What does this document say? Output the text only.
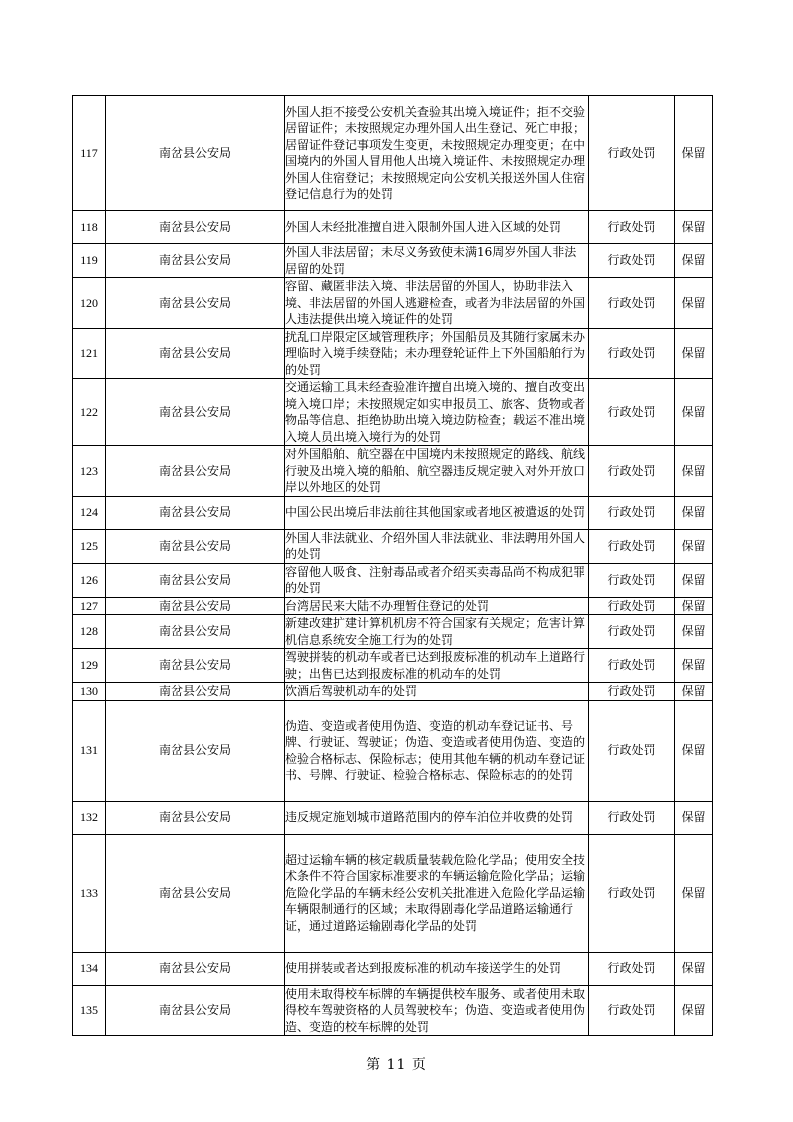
117	南岔县公安局	外国人拒不接受公安机关查验其出境入境证件；拒不交验居留证件；未按照规定办理外国人出生登记、死亡申报；居留证件登记事项发生变更，未按照规定办理变更；在中国境内的外国人冒用他人出境入境证件、未按照规定办理外国人住宿登记；未按照规定向公安机关报送外国人住宿登记信息行为的处罚	行政处罚	保留
118	南岔县公安局	外国人未经批准擅自进入限制外国人进入区域的处罚	行政处罚	保留
119	南岔县公安局	外国人非法居留；未尽义务致使未满16周岁外国人非法居留的处罚	行政处罚	保留
120	南岔县公安局	容留、藏匿非法入境、非法居留的外国人，协助非法入境、非法居留的外国人逃避检查，或者为非法居留的外国人违法提供出境入境证件的处罚	行政处罚	保留
121	南岔县公安局	扰乱口岸限定区域管理秩序；外国船员及其随行家属未办理临时入境手续登陆；未办理登轮证件上下外国船舶行为的处罚	行政处罚	保留
122	南岔县公安局	交通运输工具未经查验准许擅自出境入境的、擅自改变出境入境口岸；未按照规定如实申报员工、旅客、货物或者物品等信息、拒绝协助出境入境边防检查；载运不准出境入境人员出境入境行为的处罚	行政处罚	保留
123	南岔县公安局	对外国船舶、航空器在中国境内未按照规定的路线、航线行驶及出境入境的船舶、航空器违反规定驶入对外开放口岸以外地区的处罚	行政处罚	保留
124	南岔县公安局	中国公民出境后非法前往其他国家或者地区被遣返的处罚	行政处罚	保留
125	南岔县公安局	外国人非法就业、介绍外国人非法就业、非法聘用外国人的处罚	行政处罚	保留
126	南岔县公安局	容留他人吸食、注射毒品或者介绍买卖毒品尚不构成犯罪的处罚	行政处罚	保留
127	南岔县公安局	台湾居民来大陆不办理暂住登记的处罚	行政处罚	保留
128	南岔县公安局	新建改建扩建计算机机房不符合国家有关规定；危害计算机信息系统安全施工行为的处罚	行政处罚	保留
129	南岔县公安局	驾驶拼装的机动车或者已达到报废标准的机动车上道路行驶；出售已达到报废标准的机动车的处罚	行政处罚	保留
130	南岔县公安局	饮酒后驾驶机动车的处罚	行政处罚	保留
131	南岔县公安局	伪造、变造或者使用伪造、变造的机动车登记证书、号牌、行驶证、驾驶证；伪造、变造或者使用伪造、变造的检验合格标志、保险标志；使用其他车辆的机动车登记证书、号牌、行驶证、检验合格标志、保险标志的的处罚	行政处罚	保留
132	南岔县公安局	违反规定施划城市道路范围内的停车泊位并收费的处罚	行政处罚	保留
133	南岔县公安局	超过运输车辆的核定载质量装载危险化学品；使用安全技术条件不符合国家标准要求的车辆运输危险化学品；运输危险化学品的车辆未经公安机关批准进入危险化学品运输车辆限制通行的区域；未取得剧毒化学品道路运输通行证，通过道路运输剧毒化学品的处罚	行政处罚	保留
134	南岔县公安局	使用拼装或者达到报废标准的机动车接送学生的处罚	行政处罚	保留
135	南岔县公安局	使用未取得校车标牌的车辆提供校车服务、或者使用未取得校车驾驶资格的人员驾驶校车；伪造、变造或者使用伪造、变造的校车标牌的处罚	行政处罚	保留
第 11 页
